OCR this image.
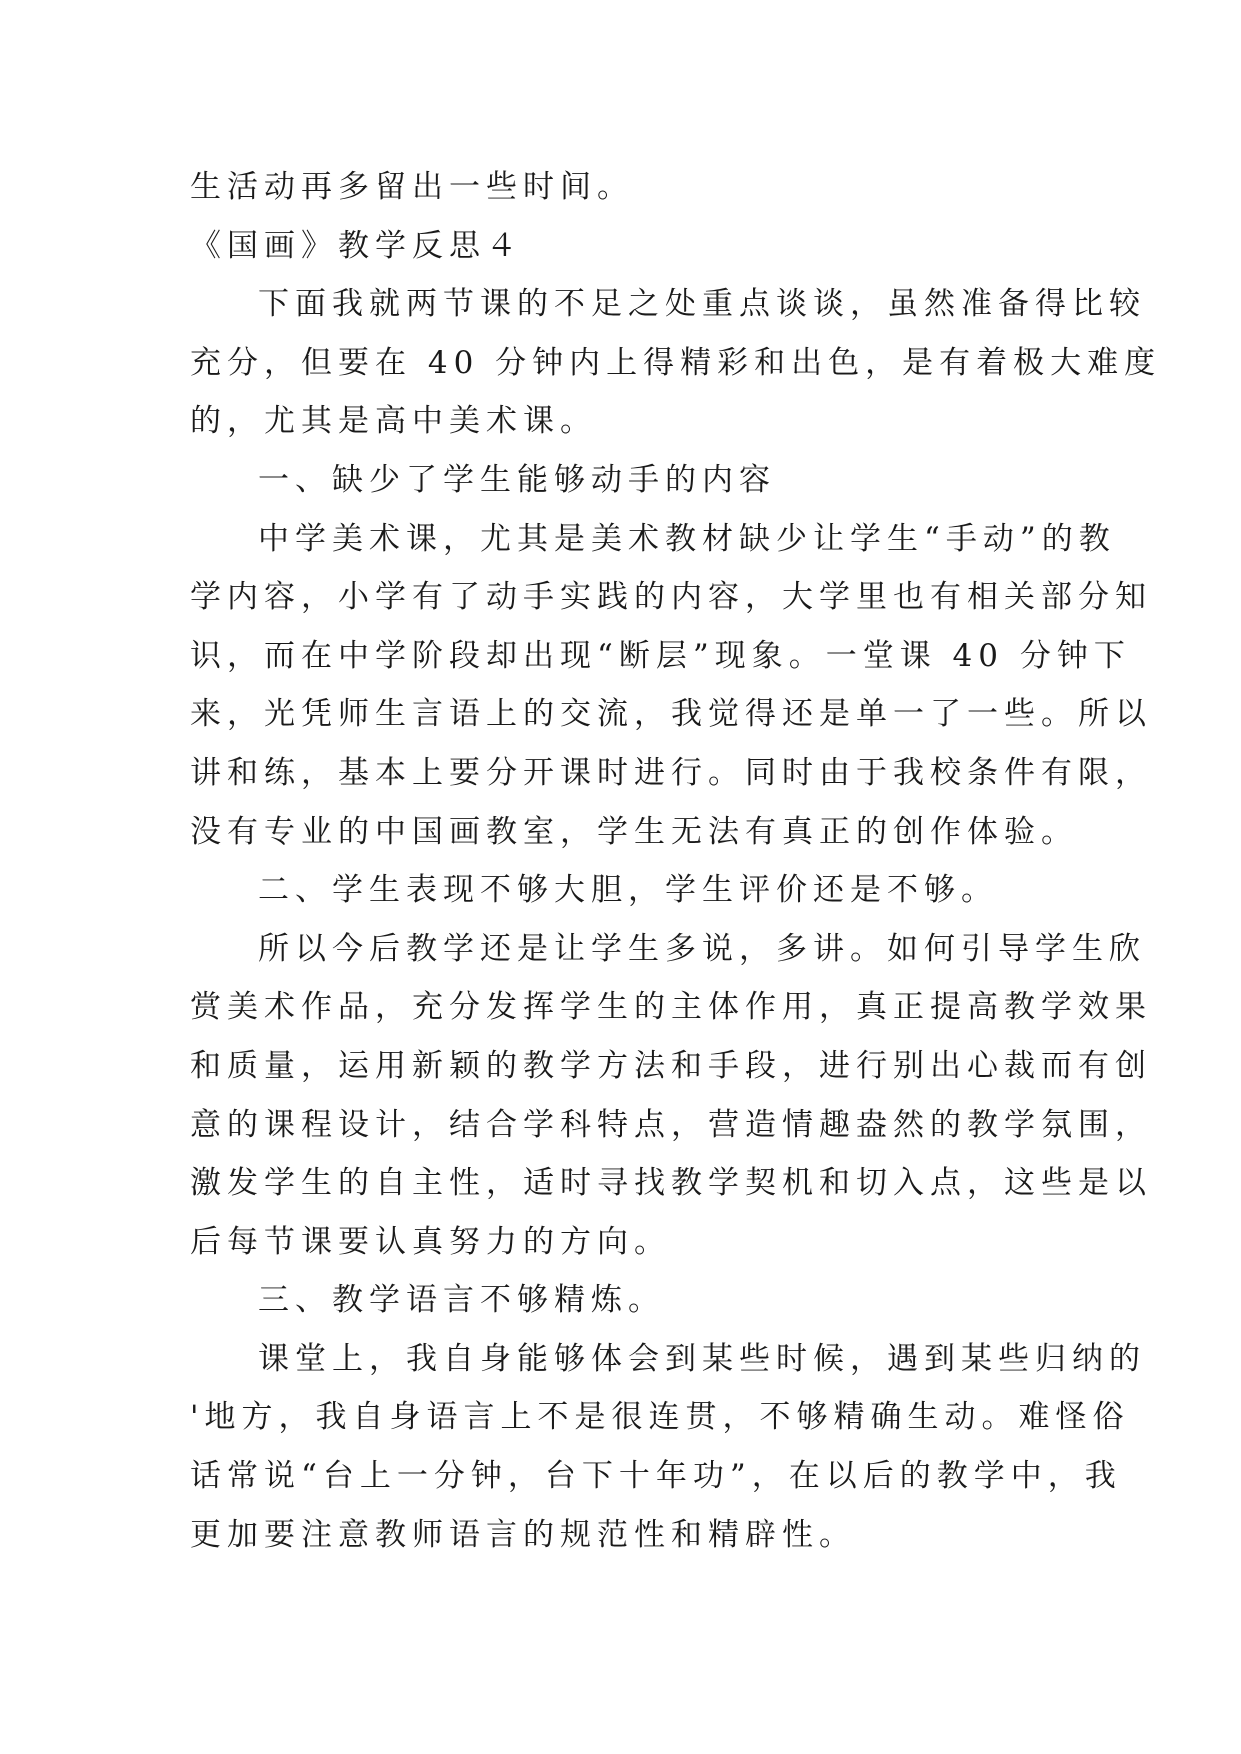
生活动再多留出一些时间。
《国画》教学反思４
下面我就两节课的不足之处重点谈谈，虽然准备得比较
充分，但要在 40 分钟内上得精彩和出色，是有着极大难度
的，尤其是高中美术课。
一、缺少了学生能够动手的内容
中学美术课，尤其是美术教材缺少让学生“手动”的教
学内容，小学有了动手实践的内容，大学里也有相关部分知
识，而在中学阶段却出现“断层”现象。一堂课 40 分钟下
来，光凭师生言语上的交流，我觉得还是单一了一些。所以
讲和练，基本上要分开课时进行。同时由于我校条件有限，
没有专业的中国画教室，学生无法有真正的创作体验。
二、学生表现不够大胆，学生评价还是不够。
所以今后教学还是让学生多说，多讲。如何引导学生欣
赏美术作品，充分发挥学生的主体作用，真正提高教学效果
和质量，运用新颖的教学方法和手段，进行别出心裁而有创
意的课程设计，结合学科特点，营造情趣盎然的教学氛围，
激发学生的自主性，适时寻找教学契机和切入点，这些是以
后每节课要认真努力的方向。
三、教学语言不够精炼。
课堂上，我自身能够体会到某些时候，遇到某些归纳的
'地方，我自身语言上不是很连贯，不够精确生动。难怪俗
话常说“台上一分钟，台下十年功”，在以后的教学中，我
更加要注意教师语言的规范性和精辟性。
